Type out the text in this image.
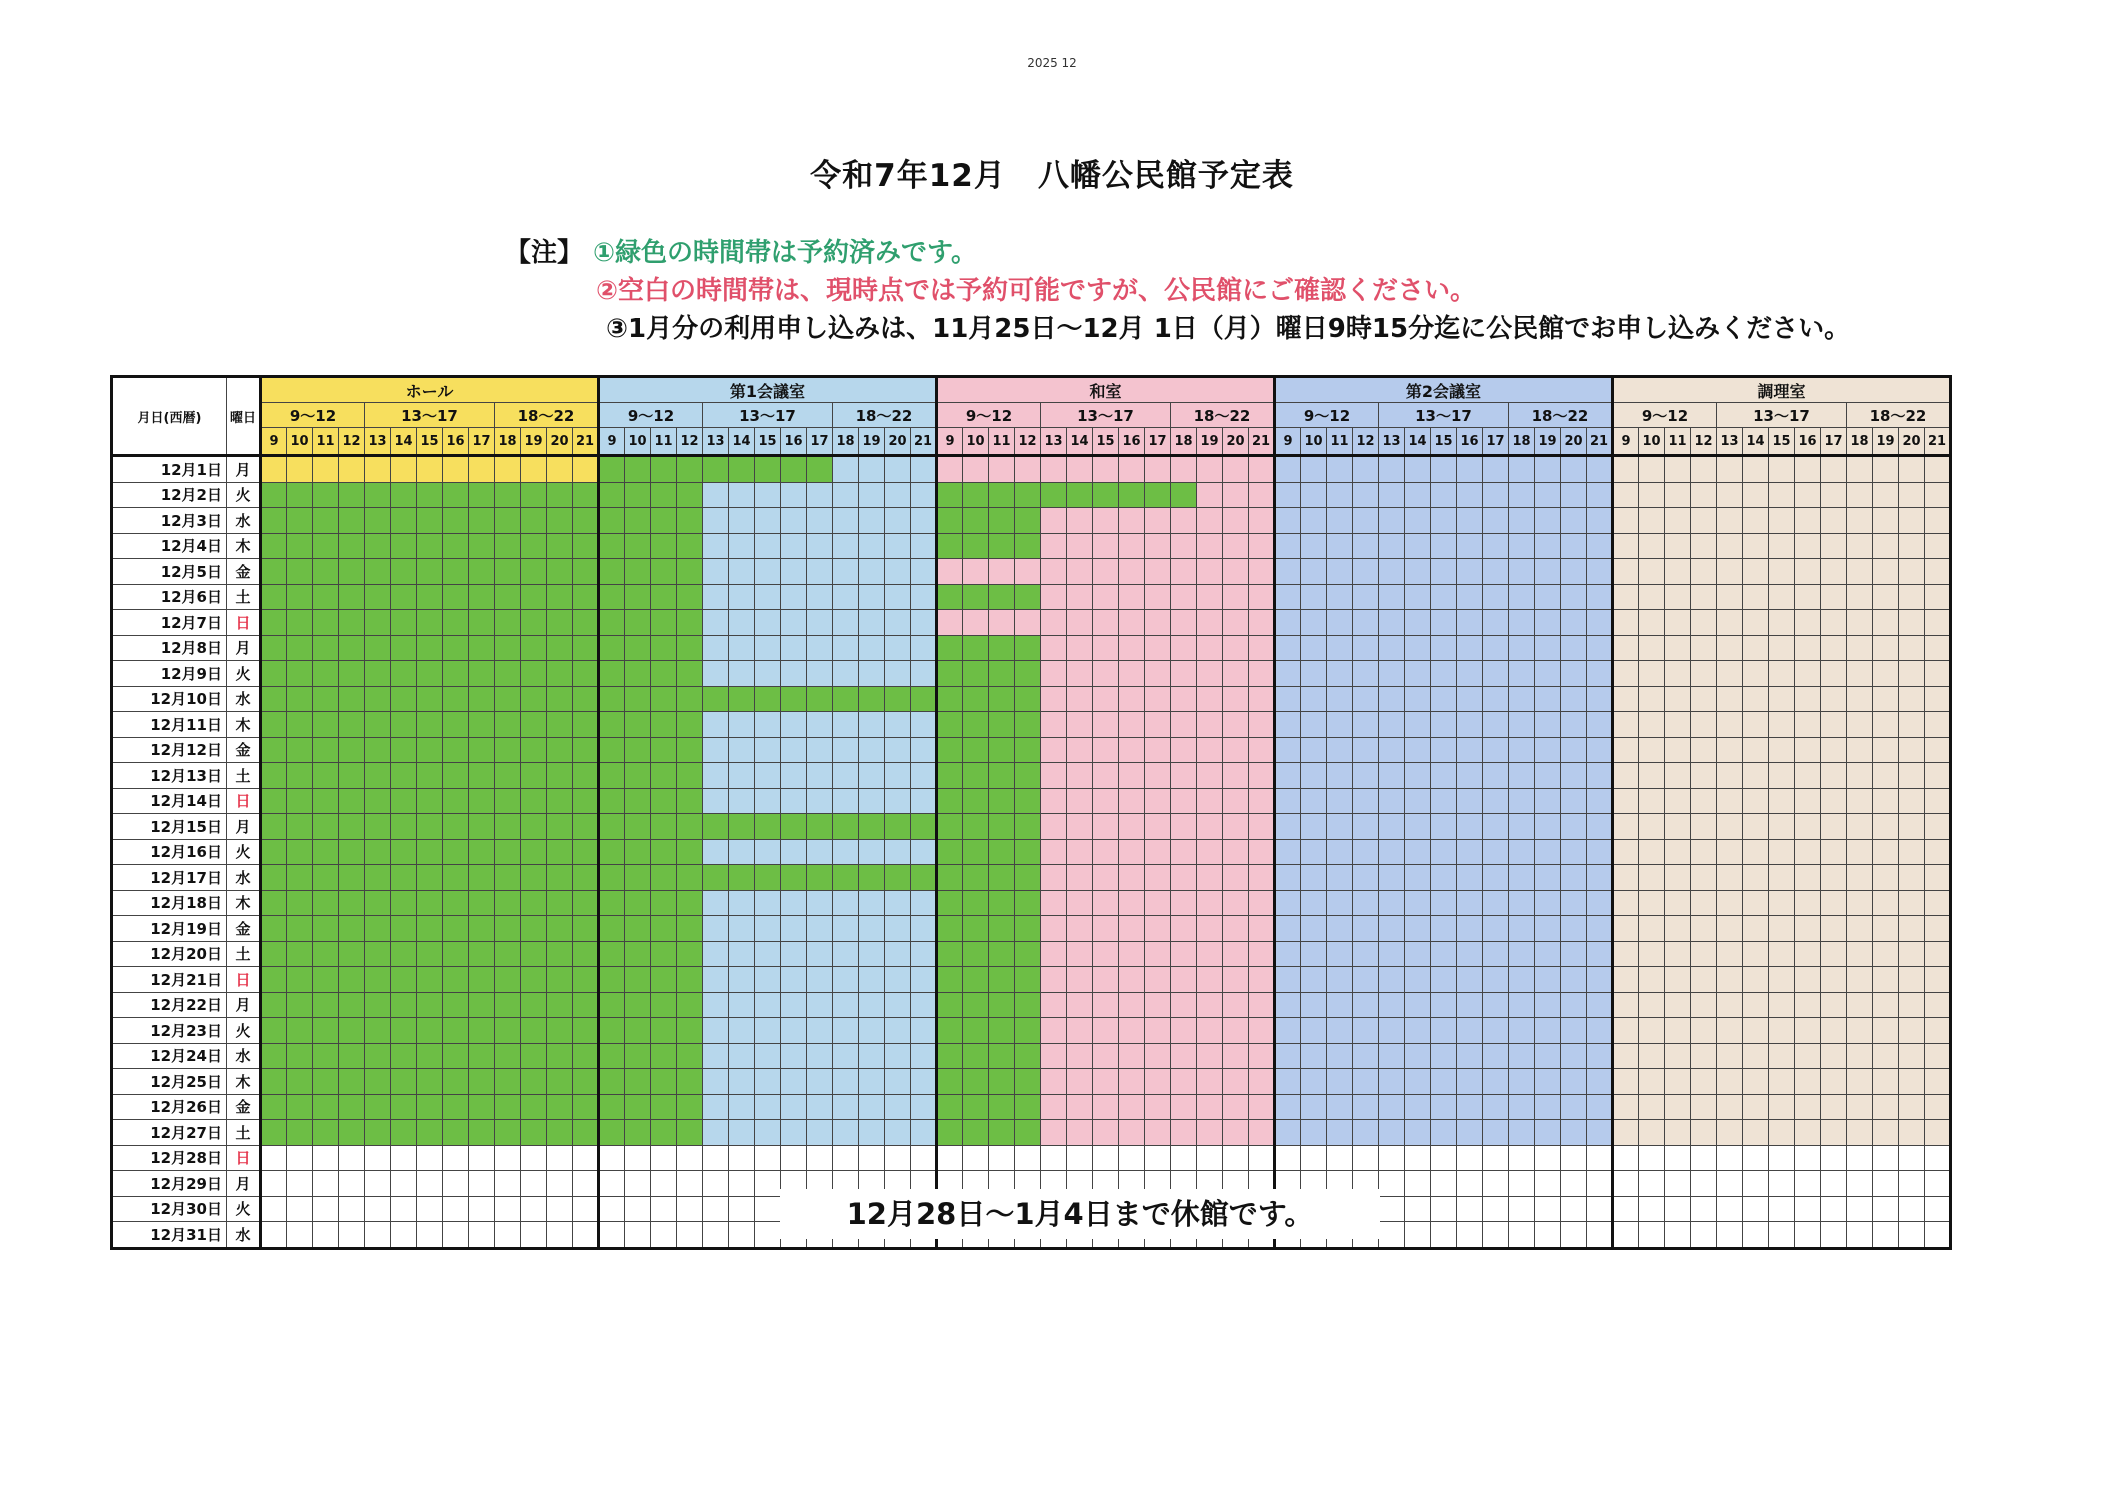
2025 12
令和7年12月　八幡公民館予定表
【注】 ①緑色の時間帯は予約済みです。
②空白の時間帯は、現時点では予約可能ですが、公民館にご確認ください。
③1月分の利用申し込みは、11月25日～12月 1日（月）曜日9時15分迄に公民館でお申し込みください。
月日(西暦)	曜日	ホール	第1会議室	和室	第2会議室	調理室
9～12	13～17	18～22	9～12	13～17	18～22	9～12	13～17	18～22	9～12	13～17	18～22	9～12	13～17	18～22
9	10	11	12	13	14	15	16	17	18	19	20	21	9	10	11	12	13	14	15	16	17	18	19	20	21	9	10	11	12	13	14	15	16	17	18	19	20	21	9	10	11	12	13	14	15	16	17	18	19	20	21	9	10	11	12	13	14	15	16	17	18	19	20	21
12月1日	月																																																																	
12月2日	火																																																																	
12月3日	水																																																																	
12月4日	木																																																																	
12月5日	金																																																																	
12月6日	土																																																																	
12月7日	日																																																																	
12月8日	月																																																																	
12月9日	火																																																																	
12月10日	水																																																																	
12月11日	木																																																																	
12月12日	金																																																																	
12月13日	土																																																																	
12月14日	日																																																																	
12月15日	月																																																																	
12月16日	火																																																																	
12月17日	水																																																																	
12月18日	木																																																																	
12月19日	金																																																																	
12月20日	土																																																																	
12月21日	日																																																																	
12月22日	月																																																																	
12月23日	火																																																																	
12月24日	水																																																																	
12月25日	木																																																																	
12月26日	金																																																																	
12月27日	土																																																																	
12月28日	日																																																																	
12月29日	月																																																																	
12月30日	火																																																																	
12月31日	水																																																																	
12月28日～1月4日まで休館です。
